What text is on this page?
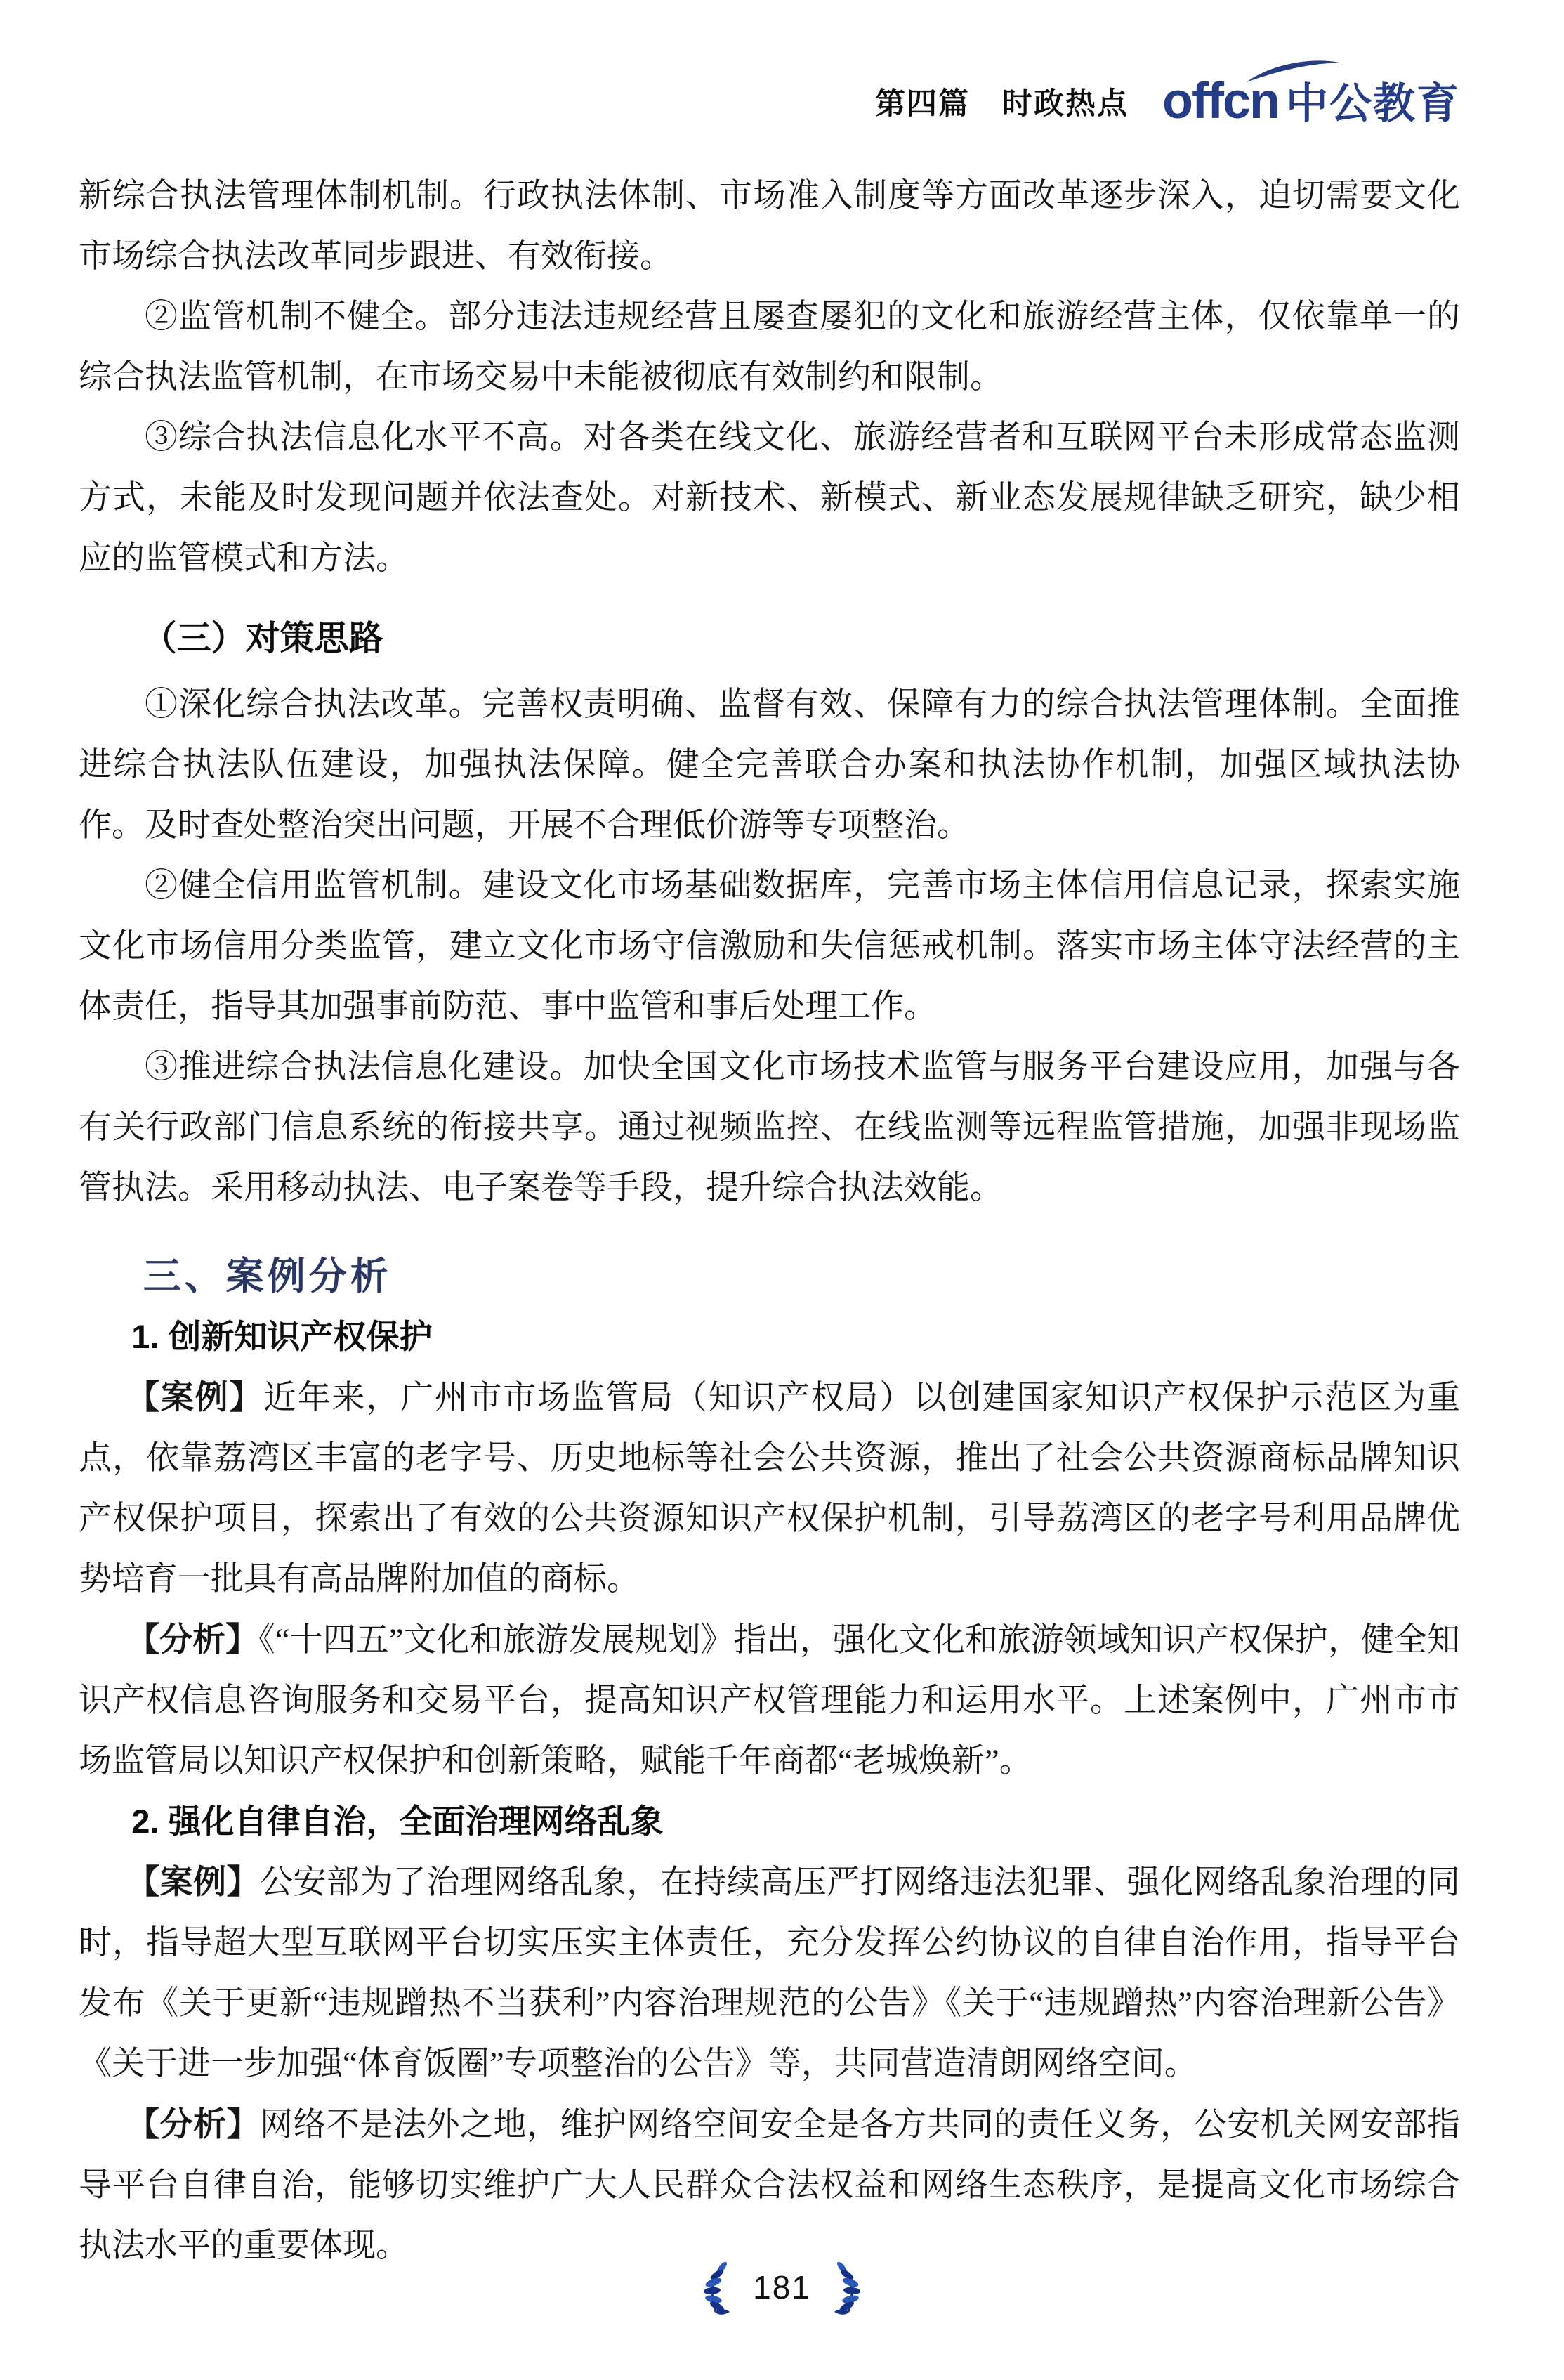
第四篇 时政热点 offcn 中公教育

新综合执法管理体制机制。行政执法体制、市场准入制度等方面改革逐步深入，迫切需要文化市场综合执法改革同步跟进、有效衔接。

②监管机制不健全。部分违法违规经营且屡查屡犯的文化和旅游经营主体，仅依靠单一的综合执法监管机制，在市场交易中未能被彻底有效制约和限制。

③综合执法信息化水平不高。对各类在线文化、旅游经营者和互联网平台未形成常态监测方式，未能及时发现问题并依法查处。对新技术、新模式、新业态发展规律缺乏研究，缺少相应的监管模式和方法。

（三）对策思路

①深化综合执法改革。完善权责明确、监督有效、保障有力的综合执法管理体制。全面推进综合执法队伍建设，加强执法保障。健全完善联合办案和执法协作机制，加强区域执法协作。及时查处整治突出问题，开展不合理低价游等专项整治。

②健全信用监管机制。建设文化市场基础数据库，完善市场主体信用信息记录，探索实施文化市场信用分类监管，建立文化市场守信激励和失信惩戒机制。落实市场主体守法经营的主体责任，指导其加强事前防范、事中监管和事后处理工作。

③推进综合执法信息化建设。加快全国文化市场技术监管与服务平台建设应用，加强与各有关行政部门信息系统的衔接共享。通过视频监控、在线监测等远程监管措施，加强非现场监管执法。采用移动执法、电子案卷等手段，提升综合执法效能。

三、案例分析
1. 创新知识产权保护

【案例】近年来，广州市市场监管局（知识产权局）以创建国家知识产权保护示范区为重点，依靠荔湾区丰富的老字号、历史地标等社会公共资源，推出了社会公共资源商标品牌知识产权保护项目，探索出了有效的公共资源知识产权保护机制，引导荔湾区的老字号利用品牌优势培育一批具有高品牌附加值的商标。

【分析】《“十四五”文化和旅游发展规划》指出，强化文化和旅游领域知识产权保护，健全知识产权信息咨询服务和交易平台，提高知识产权管理能力和运用水平。上述案例中，广州市市场监管局以知识产权保护和创新策略，赋能千年商都“老城焕新”。

2. 强化自律自治，全面治理网络乱象

【案例】公安部为了治理网络乱象，在持续高压严打网络违法犯罪、强化网络乱象治理的同时，指导超大型互联网平台切实压实主体责任，充分发挥公约协议的自律自治作用，指导平台发布《关于更新“违规蹭热不当获利”内容治理规范的公告》《关于“违规蹭热”内容治理新公告》《关于进一步加强“体育饭圈”专项整治的公告》等，共同营造清朗网络空间。

【分析】网络不是法外之地，维护网络空间安全是各方共同的责任义务，公安机关网安部指导平台自律自治，能够切实维护广大人民群众合法权益和网络生态秩序，是提高文化市场综合执法水平的重要体现。

181
